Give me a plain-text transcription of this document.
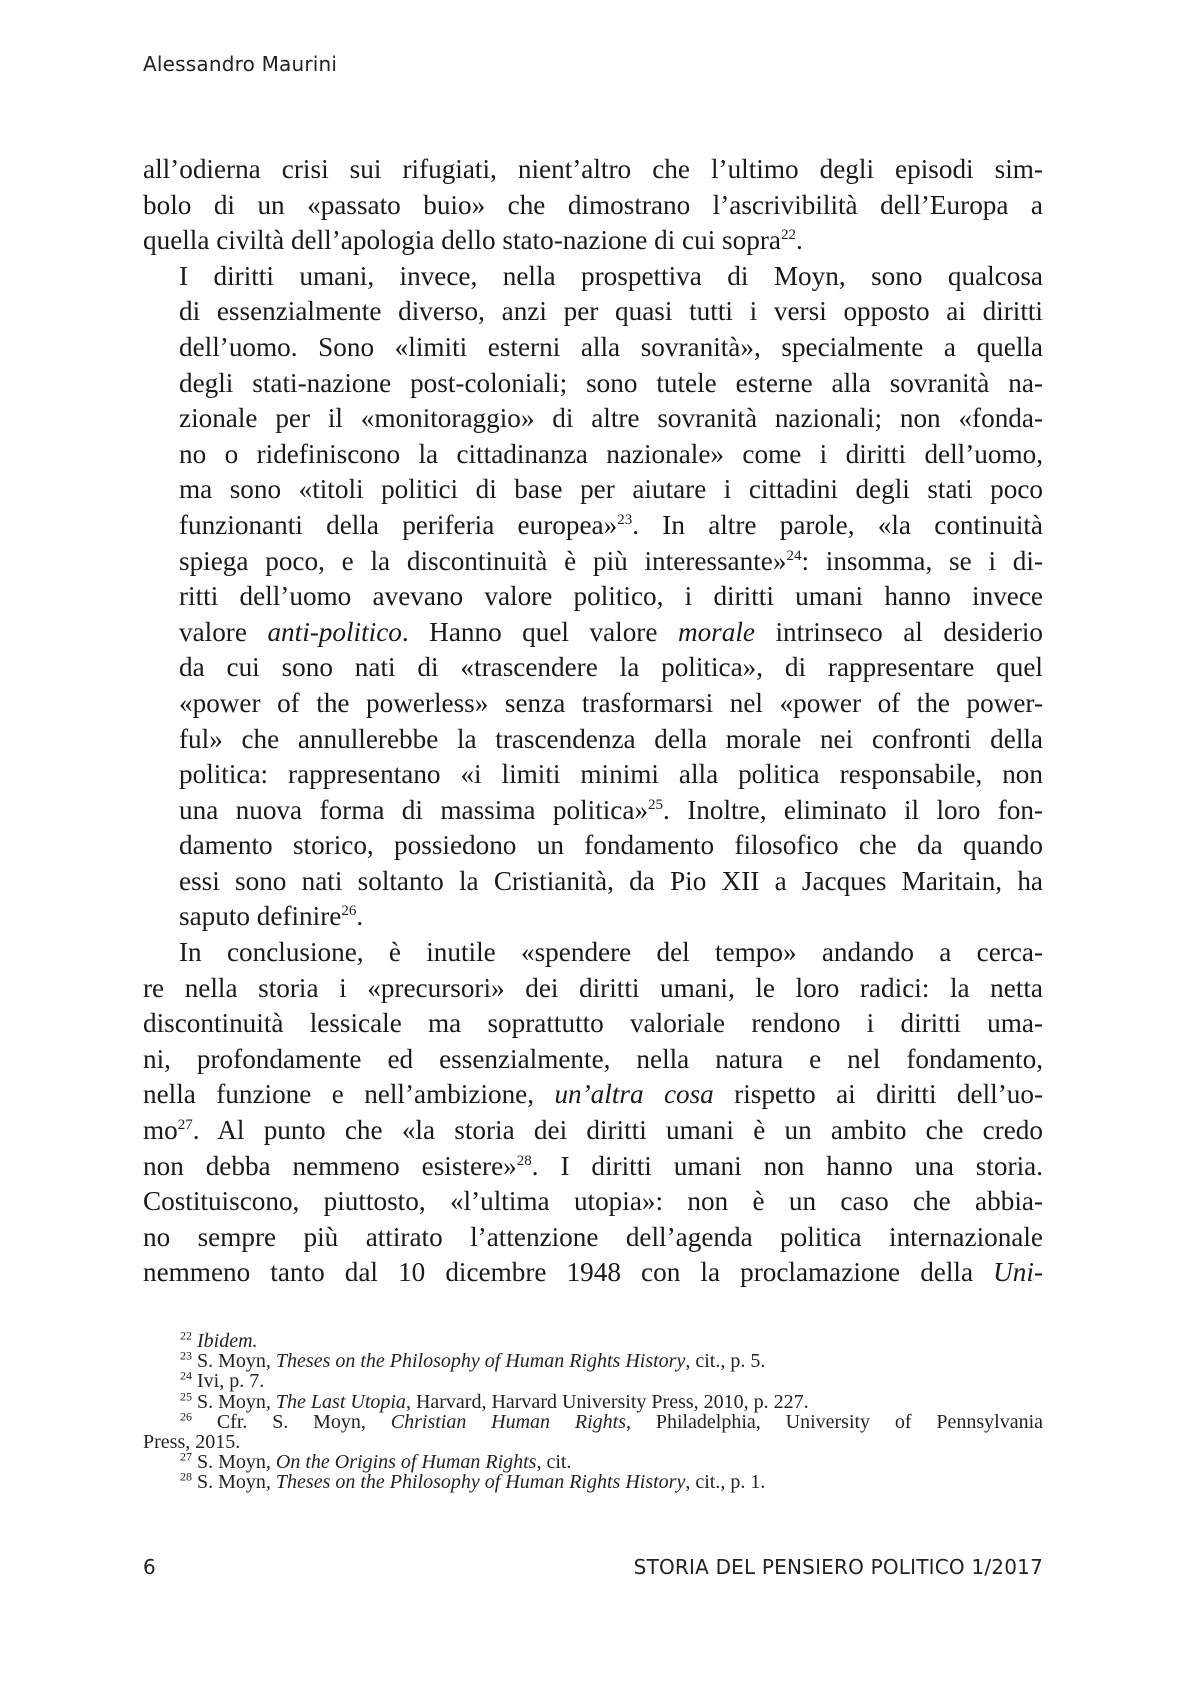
Alessandro Maurini

all’odierna crisi sui rifugiati, nient’altro che l’ultimo degli episodi sim-
bolo di un «passato buio» che dimostrano l’ascrivibilità dell’Europa a
quella civiltà dell’apologia dello stato-nazione di cui sopra$^{22}$.

I diritti umani, invece, nella prospettiva di Moyn, sono qualcosa
di essenzialmente diverso, anzi per quasi tutti i versi opposto ai diritti
dell’uomo. Sono «limiti esterni alla sovranità», specialmente a quella
degli stati-nazione post-coloniali; sono tutele esterne alla sovranità na-
zionale per il «monitoraggio» di altre sovranità nazionali; non «fonda-
no o ridefiniscono la cittadinanza nazionale» come i diritti dell’uomo,
ma sono «titoli politici di base per aiutare i cittadini degli stati poco
funzionanti della periferia europea»$^{23}$. In altre parole, «la continuità
spiega poco, e la discontinuità è più interessante»$^{24}$: insomma, se i di-
ritti dell’uomo avevano valore politico, i diritti umani hanno invece
valore anti-politico. Hanno quel valore morale intrinseco al desiderio
da cui sono nati di «trascendere la politica», di rappresentare quel
«power of the powerless» senza trasformarsi nel «power of the power-
ful» che annullerebbe la trascendenza della morale nei confronti della
politica: rappresentano «i limiti minimi alla politica responsabile, non
una nuova forma di massima politica»$^{25}$. Inoltre, eliminato il loro fon-
damento storico, possiedono un fondamento filosofico che da quando
essi sono nati soltanto la Cristianità, da Pio XII a Jacques Maritain, ha
saputo definire$^{26}$.

In conclusione, è inutile «spendere del tempo» andando a cerca-
re nella storia i «precursori» dei diritti umani, le loro radici: la netta
discontinuità lessicale ma soprattutto valoriale rendono i diritti uma-
ni, profondamente ed essenzialmente, nella natura e nel fondamento,
nella funzione e nell’ambizione, un’altra cosa rispetto ai diritti dell’uo-
mo$^{27}$. Al punto che «la storia dei diritti umani è un ambito che credo
non debba nemmeno esistere»$^{28}$. I diritti umani non hanno una storia.
Costituiscono, piuttosto, «l’ultima utopia»: non è un caso che abbia-
no sempre più attirato l’attenzione dell’agenda politica internazionale
nemmeno tanto dal 10 dicembre 1948 con la proclamazione della Uni-

$^{22}$ Ibidem.
$^{23}$ S. Moyn, Theses on the Philosophy of Human Rights History, cit., p. 5.
$^{24}$ Ivi, p. 7.
$^{25}$ S. Moyn, The Last Utopia, Harvard, Harvard University Press, 2010, p. 227.
$^{26}$ Cfr. S. Moyn, Christian Human Rights, Philadelphia, University of Pennsylvania
Press, 2015.
$^{27}$ S. Moyn, On the Origins of Human Rights, cit.
$^{28}$ S. Moyn, Theses on the Philosophy of Human Rights History, cit., p. 1.
6	STORIA DEL PENSIERO POLITICO 1/2017
